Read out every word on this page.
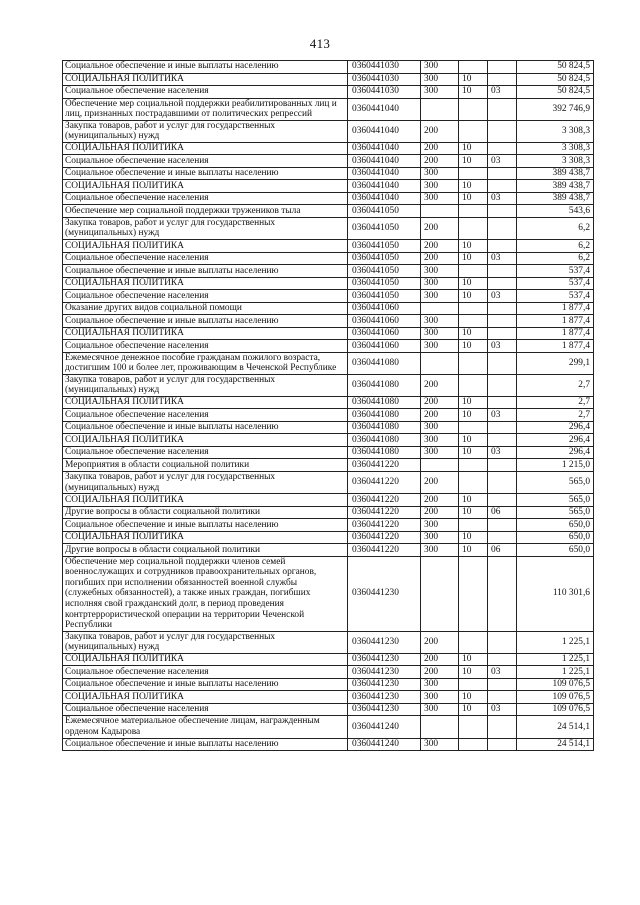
413
Социальное обеспечение и иные выплаты населению	0360441030	300			50 824,5
СОЦИАЛЬНАЯ ПОЛИТИКА	0360441030	300	10		50 824,5
Социальное обеспечение населения	0360441030	300	10	03	50 824,5
Обеспечение мер социальной поддержки реабилитированных лиц и лиц, признанных пострадавшими от политических репрессий	0360441040				392 746,9
Закупка товаров, работ и услуг для государственных (муниципальных) нужд	0360441040	200			3 308,3
СОЦИАЛЬНАЯ ПОЛИТИКА	0360441040	200	10		3 308,3
Социальное обеспечение населения	0360441040	200	10	03	3 308,3
Социальное обеспечение и иные выплаты населению	0360441040	300			389 438,7
СОЦИАЛЬНАЯ ПОЛИТИКА	0360441040	300	10		389 438,7
Социальное обеспечение населения	0360441040	300	10	03	389 438,7
Обеспечение мер социальной поддержки тружеников тыла	0360441050				543,6
Закупка товаров, работ и услуг для государственных (муниципальных) нужд	0360441050	200			6,2
СОЦИАЛЬНАЯ ПОЛИТИКА	0360441050	200	10		6,2
Социальное обеспечение населения	0360441050	200	10	03	6,2
Социальное обеспечение и иные выплаты населению	0360441050	300			537,4
СОЦИАЛЬНАЯ ПОЛИТИКА	0360441050	300	10		537,4
Социальное обеспечение населения	0360441050	300	10	03	537,4
Оказание других видов социальной помощи	0360441060				1 877,4
Социальное обеспечение и иные выплаты населению	0360441060	300			1 877,4
СОЦИАЛЬНАЯ ПОЛИТИКА	0360441060	300	10		1 877,4
Социальное обеспечение населения	0360441060	300	10	03	1 877,4
Ежемесячное денежное пособие гражданам пожилого возраста, достигшим 100 и более лет, проживающим в Чеченской Республике	0360441080				299,1
Закупка товаров, работ и услуг для государственных (муниципальных) нужд	0360441080	200			2,7
СОЦИАЛЬНАЯ ПОЛИТИКА	0360441080	200	10		2,7
Социальное обеспечение населения	0360441080	200	10	03	2,7
Социальное обеспечение и иные выплаты населению	0360441080	300			296,4
СОЦИАЛЬНАЯ ПОЛИТИКА	0360441080	300	10		296,4
Социальное обеспечение населения	0360441080	300	10	03	296,4
Мероприятия в области социальной политики	0360441220				1 215,0
Закупка товаров, работ и услуг для государственных (муниципальных) нужд	0360441220	200			565,0
СОЦИАЛЬНАЯ ПОЛИТИКА	0360441220	200	10		565,0
Другие вопросы в области социальной политики	0360441220	200	10	06	565,0
Социальное обеспечение и иные выплаты населению	0360441220	300			650,0
СОЦИАЛЬНАЯ ПОЛИТИКА	0360441220	300	10		650,0
Другие вопросы в области социальной политики	0360441220	300	10	06	650,0
Обеспечение мер социальной поддержки членов семей военнослужащих и сотрудников правоохранительных органов, погибших при исполнении обязанностей военной службы (служебных обязанностей), а также иных граждан, погибших исполняя свой гражданский долг, в период проведения контртеррористической операции на территории Чеченской Республики	0360441230				110 301,6
Закупка товаров, работ и услуг для государственных (муниципальных) нужд	0360441230	200			1 225,1
СОЦИАЛЬНАЯ ПОЛИТИКА	0360441230	200	10		1 225,1
Социальное обеспечение населения	0360441230	200	10	03	1 225,1
Социальное обеспечение и иные выплаты населению	0360441230	300			109 076,5
СОЦИАЛЬНАЯ ПОЛИТИКА	0360441230	300	10		109 076,5
Социальное обеспечение населения	0360441230	300	10	03	109 076,5
Ежемесячное материальное обеспечение лицам, награжденным орденом Кадырова	0360441240				24 514,1
Социальное обеспечение и иные выплаты населению	0360441240	300			24 514,1
